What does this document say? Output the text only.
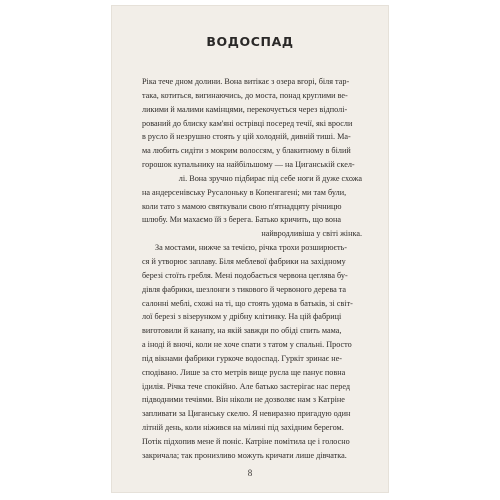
ВОДОСПАД
Ріка тече дном долини. Вона витікає з озера вгорі, біля тар-
така, котиться, вигинаючись, до моста, понад круглими ве-
ликими й малими камінцями, перекочується через відполі-
рований до блиску кам'яні острівці посеред течії, які вросли
в русло й незрушно стоять у цій холодній, дивній тиші. Ма-
ма любить сидіти з мокрим волоссям, у блакитному в білий
горошок купальнику на найбільшому — на Циганській скел-
лі. Вона зручно підбирає під себе ноги й дуже схожа
на андерсенівську Русалоньку в Копенгагені; ми там були,
коли тато з мамою святкували свою п'ятнадцяту річницю
шлюбу. Ми махаємо їй з берега. Батько кричить, що вона
найвродливіша у світі жінка.
За мостами, нижче за течією, річка трохи розширюєть-
ся й утворює заплаву. Біля меблевої фабрики на західному
березі стоїть гребля. Мені подобається червона цеглява бу-
дівля фабрики, шезлонги з тикового й червоного дерева та
салонні меблі, схожі на ті, що стоять удома в батьків, зі світ-
лої березі з візерунком у дрібну клітинку. На цій фабриці
виготовили й канапу, на якій завжди по обіді спить мама,
а іноді й вночі, коли не хоче спати з татом у спальні. Просто
під вікнами фабрики гуркоче водоспад. Гуркіт зринає не-
сподівано. Лише за сто метрів вище русла ще панує повна
ідилія. Річка тече спокійно. Але батько застерігає нас перед
підводними течіями. Він ніколи не дозволяє нам з Катріне
запливати за Циганську скелю. Я невиразно пригадую один
літній день, коли ніжився на мілині під західним берегом.
Потік підхопив мене й поніс. Катріне помітила це і голосно
закричала; так пронизливо можуть кричати лише дівчатка.
8
